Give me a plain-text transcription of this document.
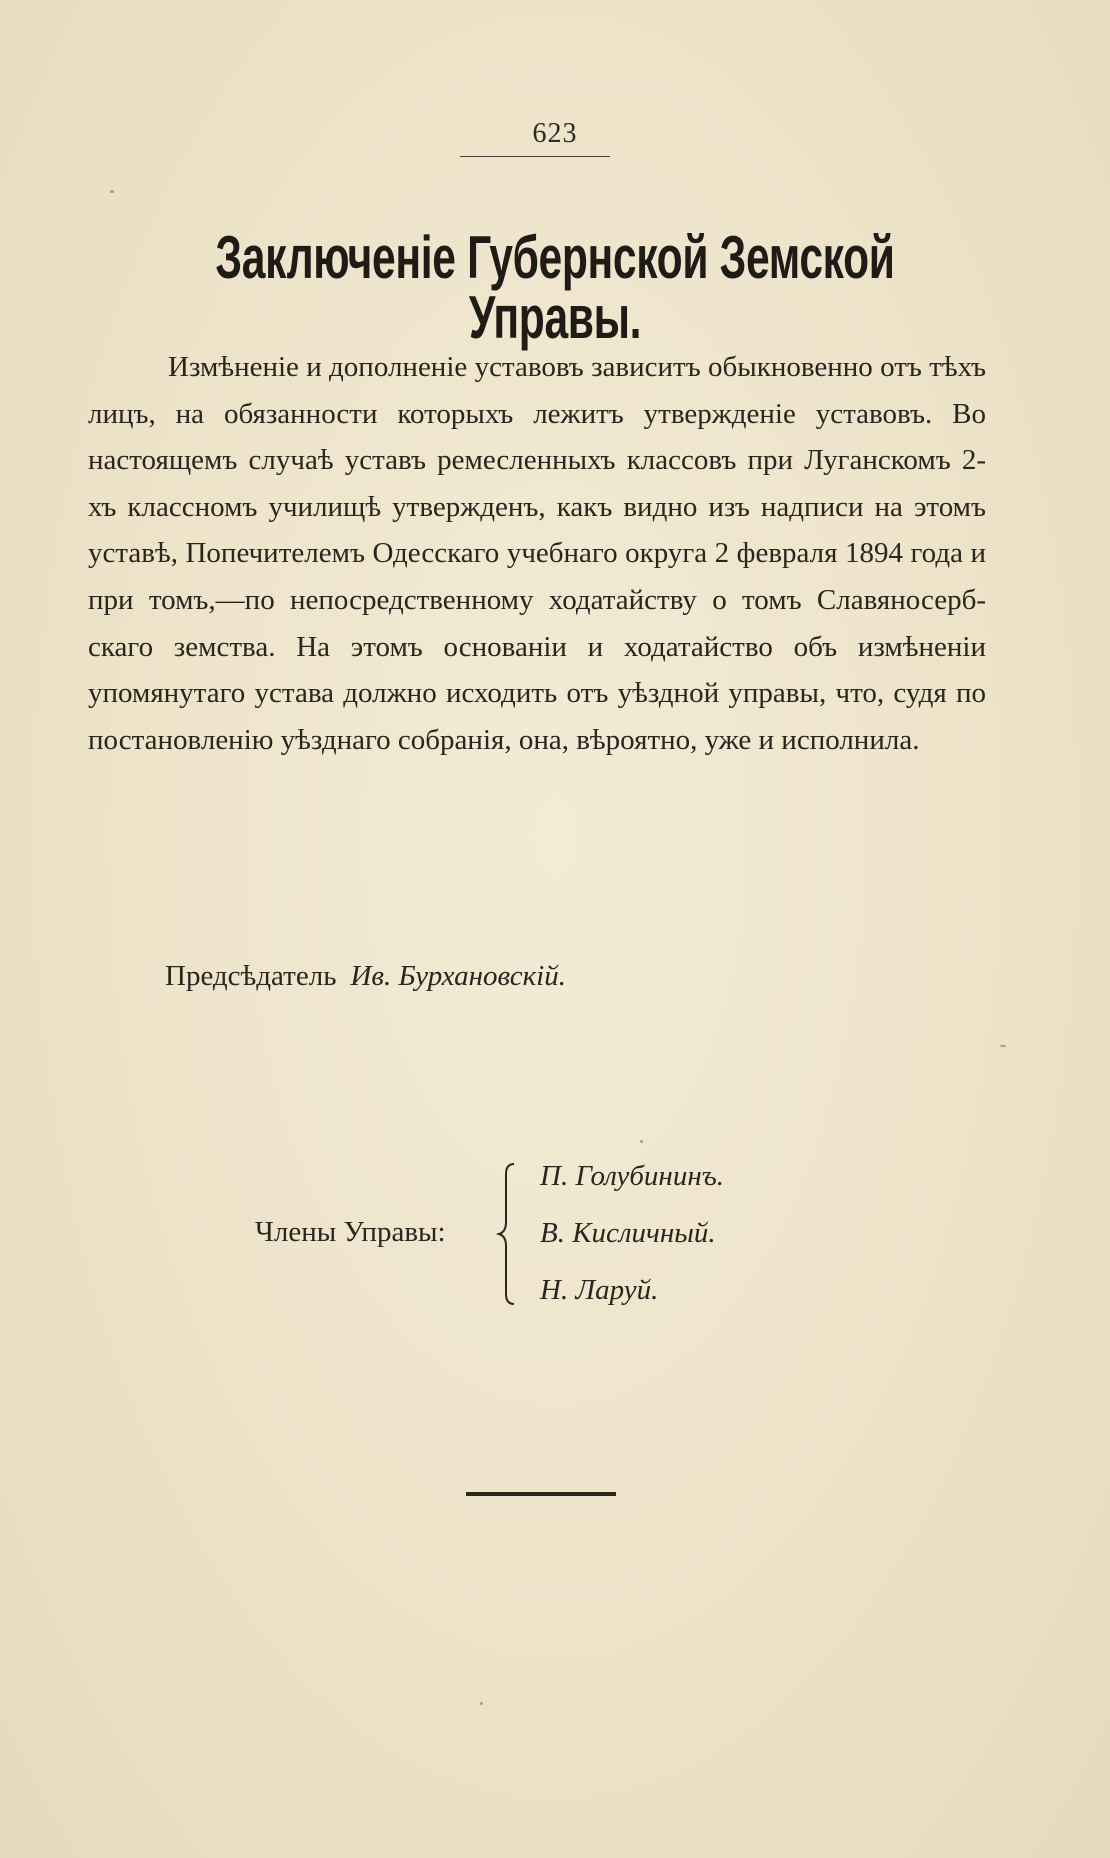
623
Заключеніе Губернской Земской Управы.
Измѣненіе и дополненіе уставовъ зависитъ обыкновенно отъ тѣхъ лицъ, на обязанности которыхъ лежитъ утвержденіе уставовъ. Во настоящемъ случаѣ уставъ ремесленныхъ классовъ при Луганскомъ 2-хъ классномъ училищѣ утвержденъ, какъ видно изъ надписи на этомъ уставѣ, Попечителемъ Одесскаго учебнаго округа 2 февраля 1894 года и при томъ,—по непосредственному ходатайству о томъ Славяносербскаго земства. На этомъ основаніи и ходатайство объ измѣненіи упомянутаго устава должно исходить отъ уѣздной управы, что, судя по постановленію уѣзднаго собранія, она, вѣроятно, уже и исполнила.
Предсѣдатель Ив. Бурхановскій.
Члены Управы:
П. Голубининъ.
В. Кисличный.
Н. Ларуй.
